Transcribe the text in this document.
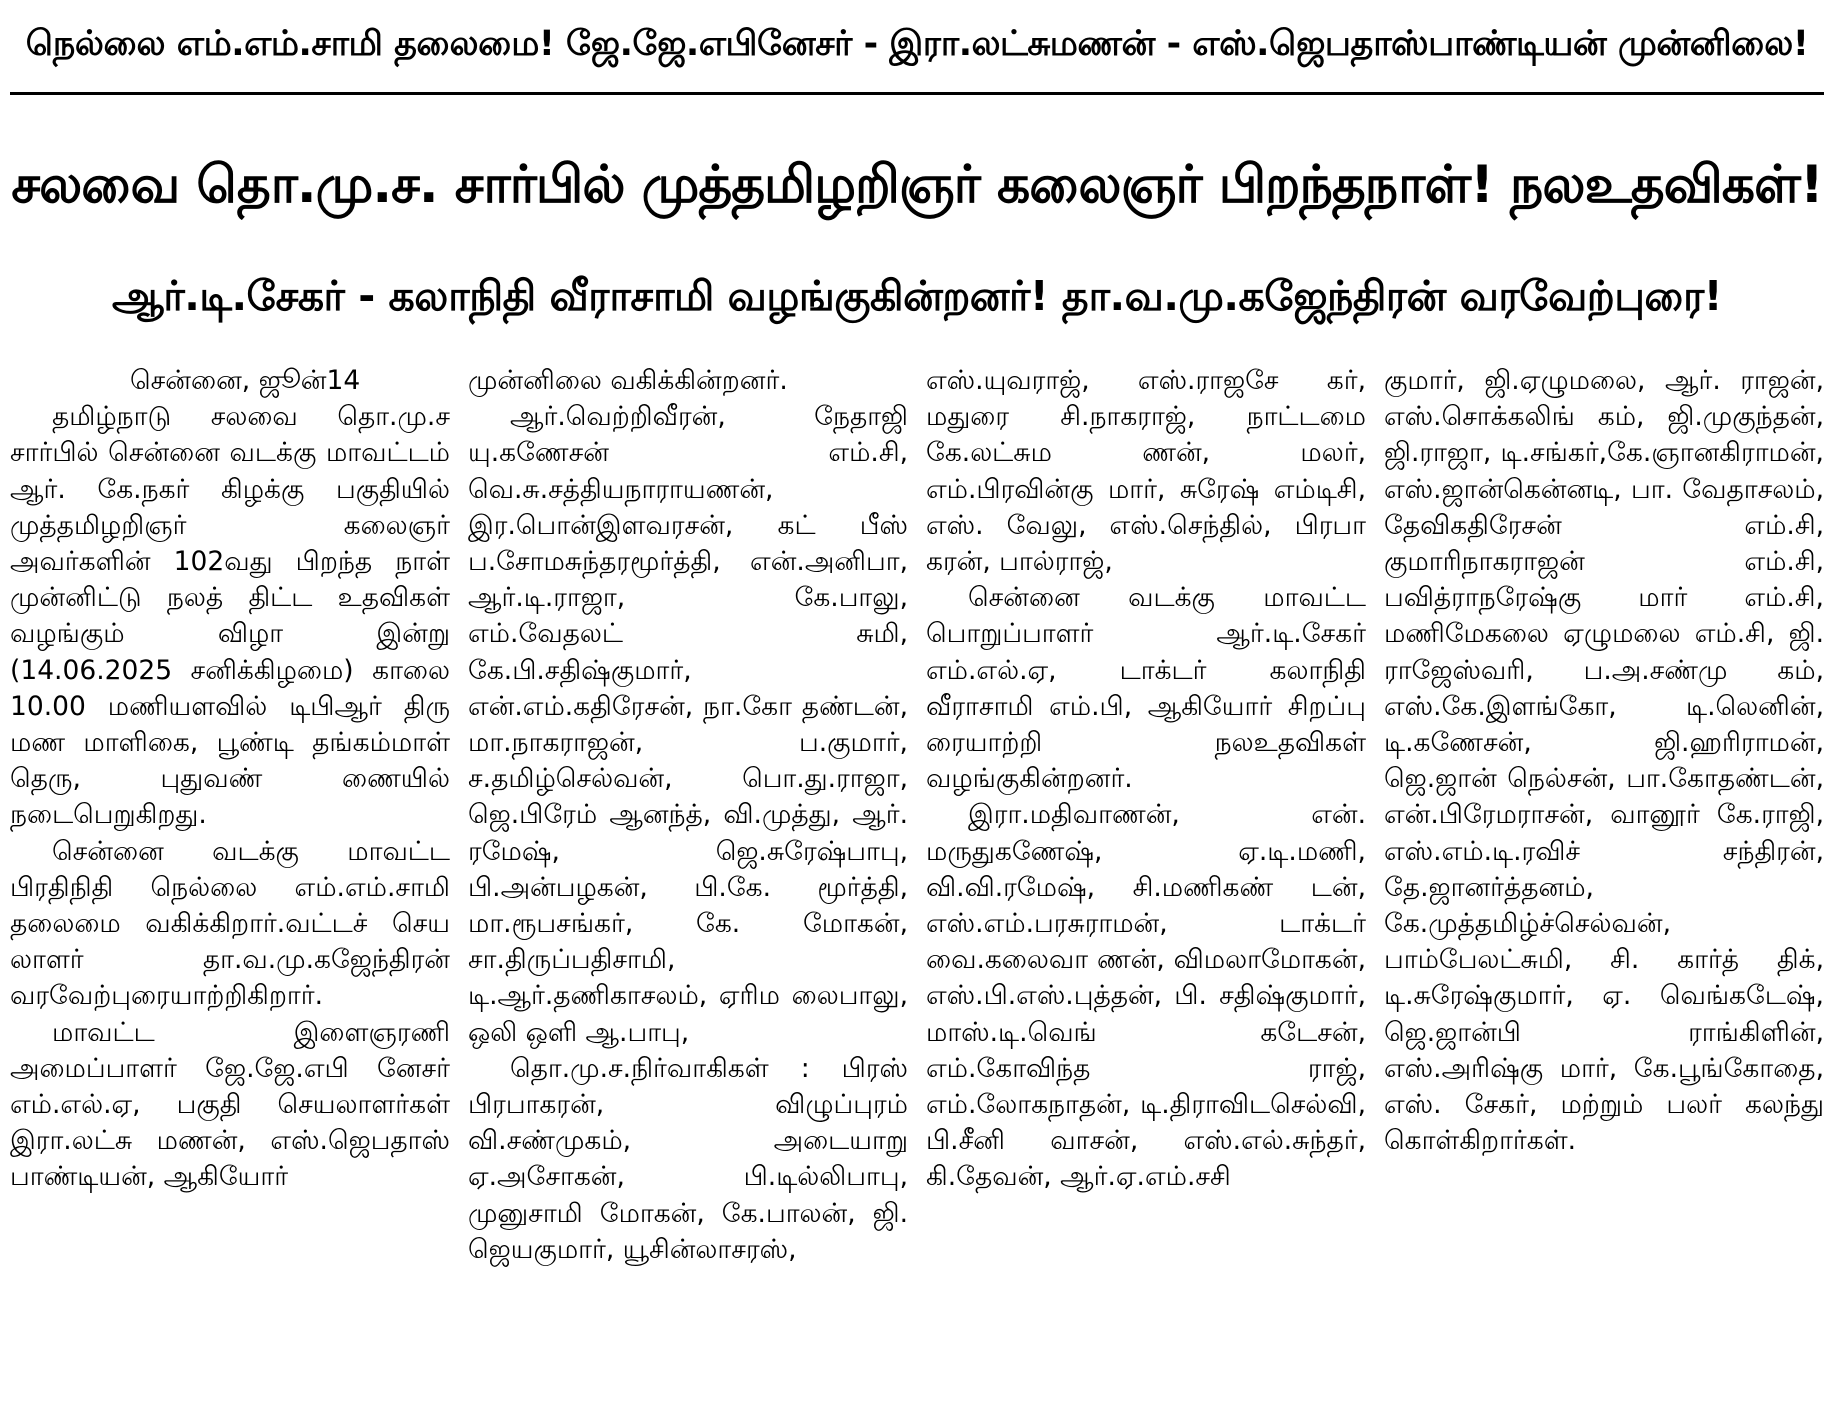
நெல்லை எம்.எம்.சாமி தலைமை! ஜே.ஜே.எபினேசர் - இரா.லட்சுமணன் - எஸ்.ஜெபதாஸ்பாண்டியன் முன்னிலை!
சலவை தொ.மு.ச. சார்பில் முத்தமிழறிஞர் கலைஞர் பிறந்தநாள்! நலஉதவிகள்!
ஆர்.டி.சேகர் - கலாநிதி வீராசாமி வழங்குகின்றனர்! தா.வ.மு.கஜேந்திரன் வரவேற்புரை!

சென்னை, ஜூன்14

தமிழ்நாடு சலவை தொ.மு.ச சார்பில் சென்னை வடக்கு மாவட்டம் ஆர். கே.நகர் கிழக்கு பகுதியில் முத்தமிழறிஞர் கலைஞர் அவர்களின் 102வது பிறந்த நாள் முன்னிட்டு நலத் திட்ட உதவிகள் வழங்கும் விழா இன்று (14.06.2025 சனிக்கிழமை) காலை 10.00 மணியளவில் டிபிஆர் திரு மண மாளிகை, பூண்டி தங்கம்மாள் தெரு, புதுவண் ணையில் நடைபெறுகிறது.

சென்னை வடக்கு மாவட்ட பிரதிநிதி நெல்லை எம்.எம்.சாமி தலைமை வகிக்கிறார்.வட்டச் செய லாளர் தா.வ.மு.கஜேந்திரன் வரவேற்புரையாற்றிகிறார்.

மாவட்ட இளைஞரணி அமைப்பாளர் ஜே.ஜே.எபி னேசர் எம்.எல்.ஏ, பகுதி செயலாளர்கள் இரா.லட்சு மணன், எஸ்.ஜெபதாஸ் பாண்டியன், ஆகியோர்

முன்னிலை வகிக்கின்றனர்.

ஆர்.வெற்றிவீரன், நேதாஜி யு.கணேசன் எம்.சி, வெ.சு.சத்தியநாராயணன், இர.பொன்இளவரசன், கட் பீஸ் ப.சோமசுந்தரமூர்த்தி, என்.அனிபா, ஆர்.டி.ராஜா, கே.பாலு, எம்.வேதலட் சுமி, கே.பி.சதிஷ்குமார், என்.எம்.கதிரேசன், நா.கோ தண்டன், மா.நாகராஜன், ப.குமார், ச.தமிழ்செல்வன், பொ.து.ராஜா, ஜெ.பிரேம் ஆனந்த், வி.முத்து, ஆர். ரமேஷ், ஜெ.சுரேஷ்பாபு, பி.அன்பழகன், பி.கே. மூர்த்தி, மா.ரூபசங்கர், கே. மோகன், சா.திருப்பதிசாமி, டி.ஆர்.தணிகாசலம், ஏரிம லைபாலு, ஒலி ஒளி ஆ.பாபு,

தொ.மு.ச.நிர்வாகிகள் : பிரஸ் பிரபாகரன், விழுப்புரம் வி.சண்முகம், அடையாறு ஏ.அசோகன், பி.டில்லிபாபு, முனுசாமி மோகன், கே.பாலன், ஜி. ஜெயகுமார், யூசின்லாசரஸ்,

எஸ்.யுவராஜ், எஸ்.ராஜசே கர், மதுரை சி.நாகராஜ், நாட்டமை கே.லட்சும ணன், மலர், எம்.பிரவின்கு மார், சுரேஷ் எம்டிசி, எஸ். வேலு, எஸ்.செந்தில், பிரபா கரன், பால்ராஜ்,

சென்னை வடக்கு மாவட்ட பொறுப்பாளர் ஆர்.டி.சேகர் எம்.எல்.ஏ, டாக்டர் கலாநிதி வீராசாமி எம்.பி, ஆகியோர் சிறப்பு ரையாற்றி நலஉதவிகள் வழங்குகின்றனர்.

இரா.மதிவாணன், என். மருதுகணேஷ், ஏ.டி.மணி, வி.வி.ரமேஷ், சி.மணிகண் டன், எஸ்.எம்.பரசுராமன், டாக்டர் வை.கலைவா ணன், விமலாமோகன், எஸ்.பி.எஸ்.புத்தன், பி. சதிஷ்குமார், மாஸ்.டி.வெங் கடேசன், எம்.கோவிந்த ராஜ், எம்.லோகநாதன், டி.திராவிடசெல்வி, பி.சீனி வாசன், எஸ்.எல்.சுந்தர், கி.தேவன், ஆர்.ஏ.எம்.சசி

குமார், ஜி.ஏழுமலை, ஆர். ராஜன், எஸ்.சொக்கலிங் கம், ஜி.முகுந்தன், ஜி.ராஜா, டி.சங்கர்,கே.ஞானகிராமன், எஸ்.ஜான்கென்னடி, பா. வேதாசலம், தேவிகதிரேசன் எம்.சி, குமாரிநாகராஜன் எம்.சி, பவித்ராநரேஷ்கு மார் எம்.சி, மணிமேகலை ஏழுமலை எம்.சி, ஜி. ராஜேஸ்வரி, ப.அ.சண்மு கம், எஸ்.கே.இளங்கோ, டி.லெனின், டி.கணேசன், ஜி.ஹரிராமன், ஜெ.ஜான் நெல்சன், பா.கோதண்டன், என்.பிரேமராசன், வானூர் கே.ராஜி, எஸ்.எம்.டி.ரவிச் சந்திரன், தே.ஜானர்த்தனம், கே.முத்தமிழ்ச்செல்வன், பாம்பேலட்சுமி, சி. கார்த் திக், டி.சுரேஷ்குமார், ஏ. வெங்கடேஷ், ஜெ.ஜான்பி ராங்கிளின், எஸ்.அரிஷ்கு மார், கே.பூங்கோதை, எஸ். சேகர், மற்றும் பலர் கலந்து கொள்கிறார்கள்.
